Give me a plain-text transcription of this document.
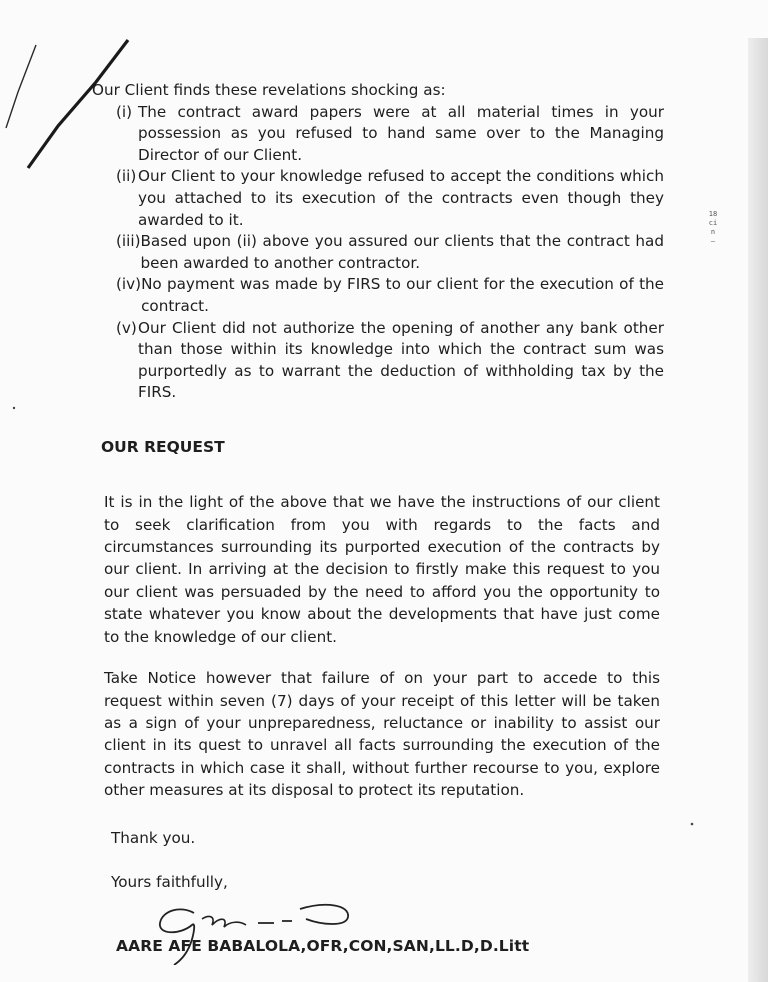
18
ci
n
—

Our Client finds these revelations shocking as:

(i) The contract award papers were at all material times in your possession as you refused to hand same over to the Managing Director of our Client.
(ii) Our Client to your knowledge refused to accept the conditions which you attached to its execution of the contracts even though they awarded to it.
(iii) Based upon (ii) above you assured our clients that the contract had been awarded to another contractor.
(iv) No payment was made by FIRS to our client for the execution of the contract.
(v) Our Client did not authorize the opening of another any bank other than those within its knowledge into which the contract sum was purportedly as to warrant the deduction of withholding tax by the FIRS.
OUR REQUEST

It is in the light of the above that we have the instructions of our client to seek clarification from you with regards to the facts and circumstances surrounding its purported execution of the contracts by our client. In arriving at the decision to firstly make this request to you our client was persuaded by the need to afford you the opportunity to state whatever you know about the developments that have just come to the knowledge of our client.

Take Notice however that failure of on your part to accede to this request within seven (7) days of your receipt of this letter will be taken as a sign of your unpreparedness, reluctance or inability to assist our client in its quest to unravel all facts surrounding the execution of the contracts in which case it shall, without further recourse to you, explore other measures at its disposal to protect its reputation.

Thank you.
Yours faithfully,
AARE AFE BABALOLA,OFR,CON,SAN,LL.D,D.Litt
